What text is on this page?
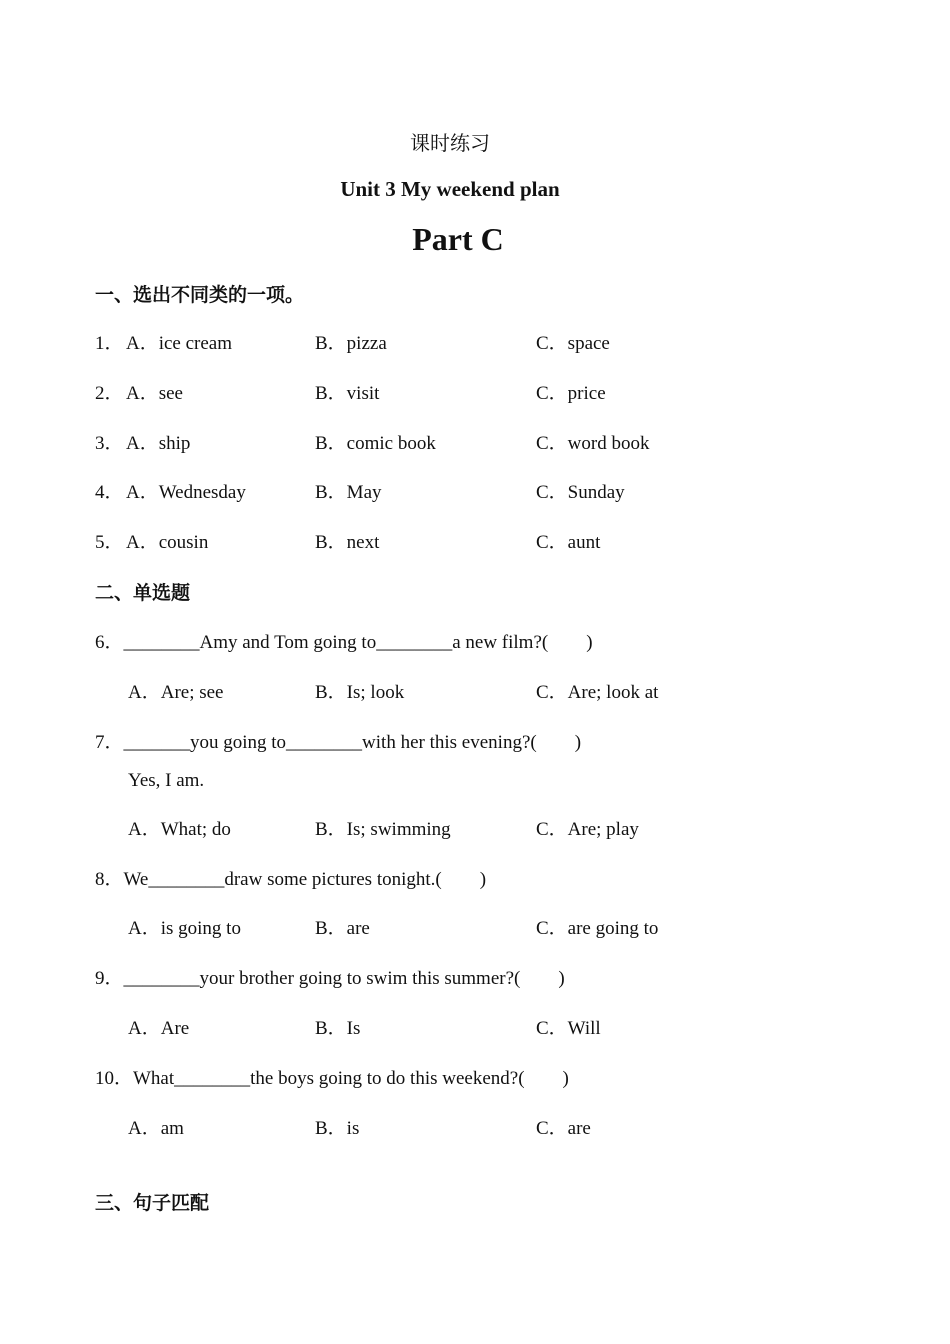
课时练习
Unit 3 My weekend plan
Part C
一、选出不同类的一项。
1． A．ice cream	B．pizza	C．space
2． A．see	B．visit	C．price
3． A．ship	B．comic book	C．word book
4． A．Wednesday	B．May	C．Sunday
5． A．cousin	B．next	C．aunt
二、单选题
6．________Amy and Tom going to________a new film?(　　)
A．Are; see	B．Is; look	C．Are; look at
7．_______you going to________with her this evening?(　　)
Yes, I am.
A．What; do	B．Is; swimming	C．Are; play
8．We________draw some pictures tonight.(　　)
A．is going to	B．are	C．are going to
9．________your brother going to swim this summer?(　　)
A．Are	B．Is	C．Will
10．What________the boys going to do this weekend?(　　)
A．am	B．is	C．are
三、句子匹配
